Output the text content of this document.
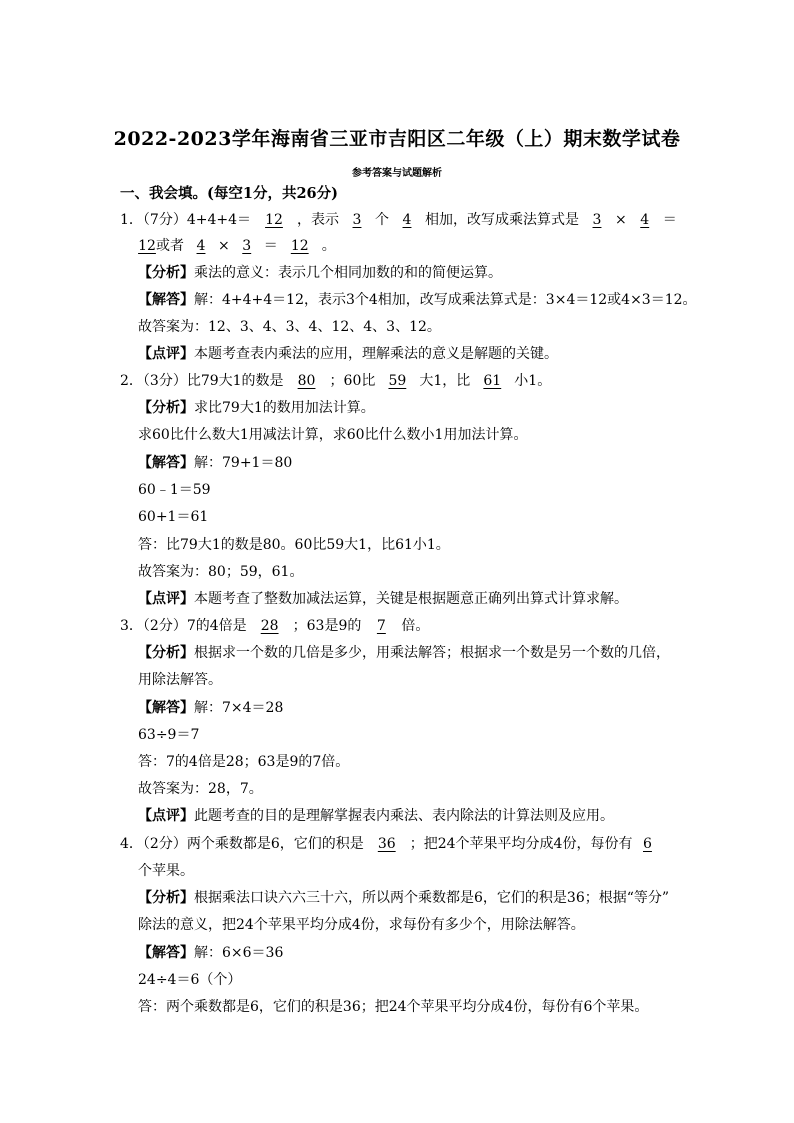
2022-2023学年海南省三亚市吉阳区二年级（上）期末数学试卷
参考答案与试题解析
一、我会填。(每空1分，共26分)
1．（7分）4+4+4＝ 12 ，表示 3 个 4 相加，改写成乘法算式是 3 × 4 ＝
12或者 4 × 3 ＝ 12 。
【分析】乘法的意义：表示几个相同加数的和的简便运算。
【解答】解：4+4+4＝12，表示3个4相加，改写成乘法算式是：3×4＝12或4×3＝12。
故答案为：12、3、4、3、4、12、4、3、12。
【点评】本题考查表内乘法的应用，理解乘法的意义是解题的关键。
2．（3分）比79大1的数是 80 ；60比 59 大1，比 61 小1。
【分析】求比79大1的数用加法计算。
求60比什么数大1用减法计算，求60比什么数小1用加法计算。
【解答】解：79+1＝80
60﹣1＝59
60+1＝61
答：比79大1的数是80。60比59大1，比61小1。
故答案为：80；59，61。
【点评】本题考查了整数加减法运算，关键是根据题意正确列出算式计算求解。
3．（2分）7的4倍是 28 ；63是9的 7 倍。
【分析】根据求一个数的几倍是多少，用乘法解答；根据求一个数是另一个数的几倍，
用除法解答。
【解答】解：7×4＝28
63÷9＝7
答：7的4倍是28；63是9的7倍。
故答案为：28，7。
【点评】此题考查的目的是理解掌握表内乘法、表内除法的计算法则及应用。
4．（2分）两个乘数都是6，它们的积是 36 ；把24个苹果平均分成4份，每份有 6
个苹果。
【分析】根据乘法口诀六六三十六，所以两个乘数都是6，它们的积是36；根据“等分”
除法的意义，把24个苹果平均分成4份，求每份有多少个，用除法解答。
【解答】解：6×6＝36
24÷4＝6（个）
答：两个乘数都是6，它们的积是36；把24个苹果平均分成4份，每份有6个苹果。
